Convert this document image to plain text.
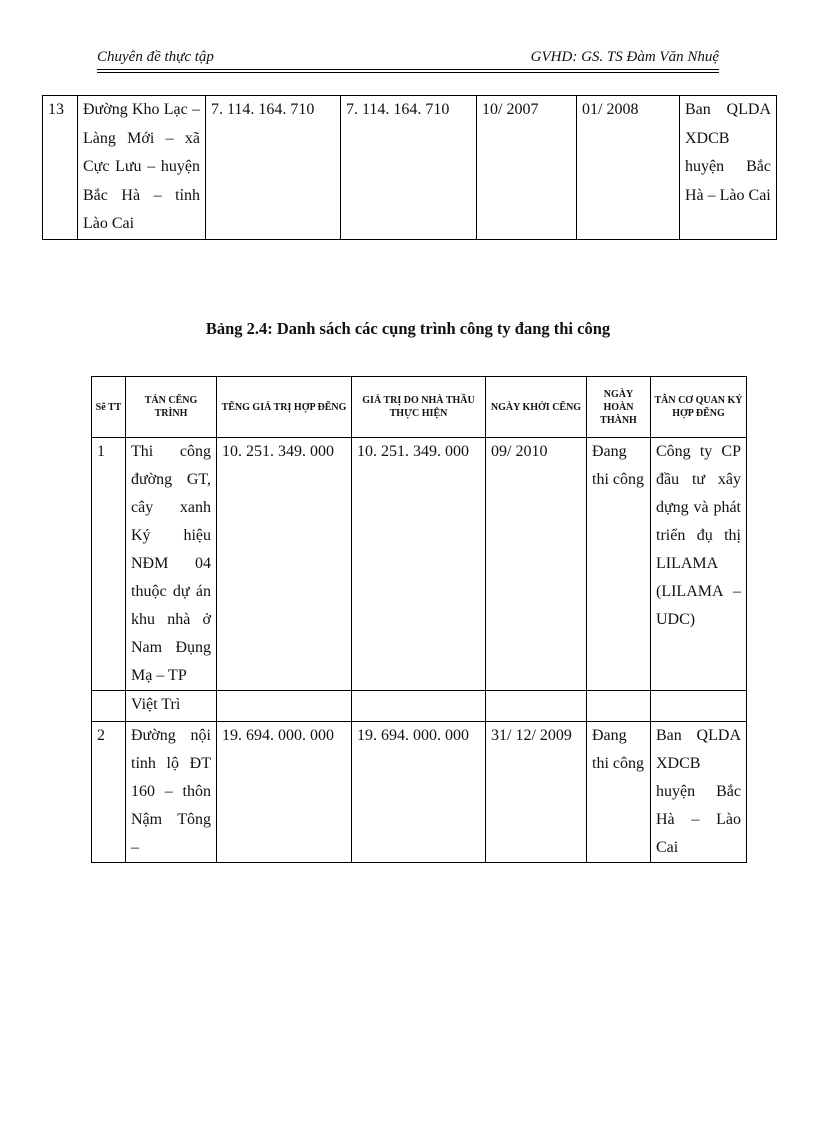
Chuyên đề thực tập	GVHD: GS. TS Đàm Văn Nhuệ
13	Đường Kho Lạc – Làng Mới – xã Cực Lưu – huyện Bắc Hà – tỉnh Lào Cai	7. 114. 164. 710	7. 114. 164. 710	10/ 2007	01/ 2008	Ban QLDA XDCB huyện Bắc Hà – Lào Cai
Bảng 2.4: Danh sách các cụng trình công ty đang thi công
Sẽ TT	TÁN CẼNG TRÌNH	TẼNG GIÁ TRỊ HỢP ĐẼNG	GIÁ TRỊ DO NHÀ THẦU THỰC HIỆN	NGÀY KHỞI CẼNG	NGÀY HOÀN THÀNH	TÂN CƠ QUAN KÝ HỢP ĐẼNG
1	Thi công đường GT, cây xanh Ký hiệu NĐM 04 thuộc dự án khu nhà ở Nam Đụng Mạ – TP	10. 251. 349. 000	10. 251. 349. 000	09/ 2010	Đang thi công	Công ty CP đầu tư xây dựng và phát triển đụ thị LILAMA (LILAMA – UDC)
	Việt Trì					
2	Đường nội tỉnh lộ ĐT 160 – thôn Nậm Tông –	19. 694. 000. 000	19. 694. 000. 000	31/ 12/ 2009	Đang thi công	Ban QLDA XDCB huyện Bắc Hà – Lào Cai
